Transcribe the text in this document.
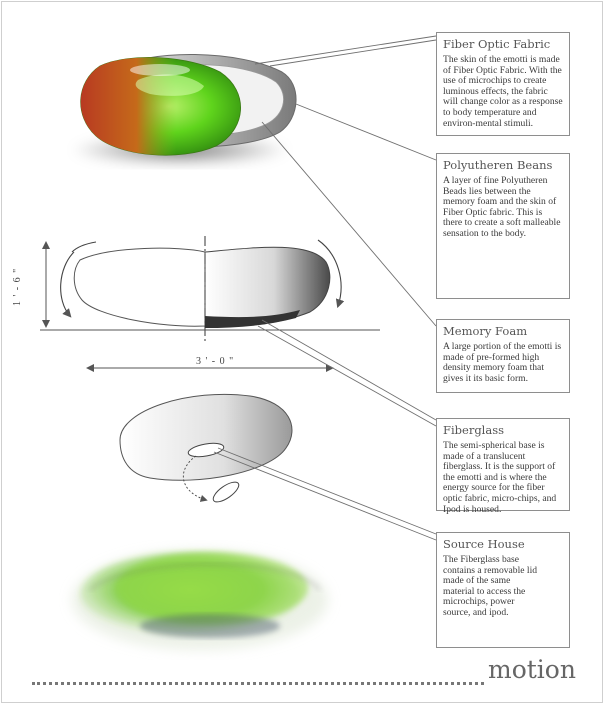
Fiber Optic Fabric

The skin of the emotti is made of Fiber Optic Fabric. With the use of microchips to create luminous effects, the fabric will change color as a response to body temperature and environ-mental stimuli.

Polyutheren Beans

A layer of fine Polyutheren Beads lies between the memory foam and the skin of Fiber Optic fabric. This is there to create a soft malleable sensation to the body.

Memory Foam

A large portion of the emotti is made of pre-formed high density memory foam that gives it its basic form.

Fiberglass

The semi-spherical base is made of a translucent fiberglass. It is the support of the emotti and is where the energy source for the fiber optic fabric, micro-chips, and Ipod is housed.

Source House

The Fiberglass base contains a removable lid made of the same material to access the microchips, power source, and ipod.

1 ' - 6 "
3 ' - 0 "
motion
